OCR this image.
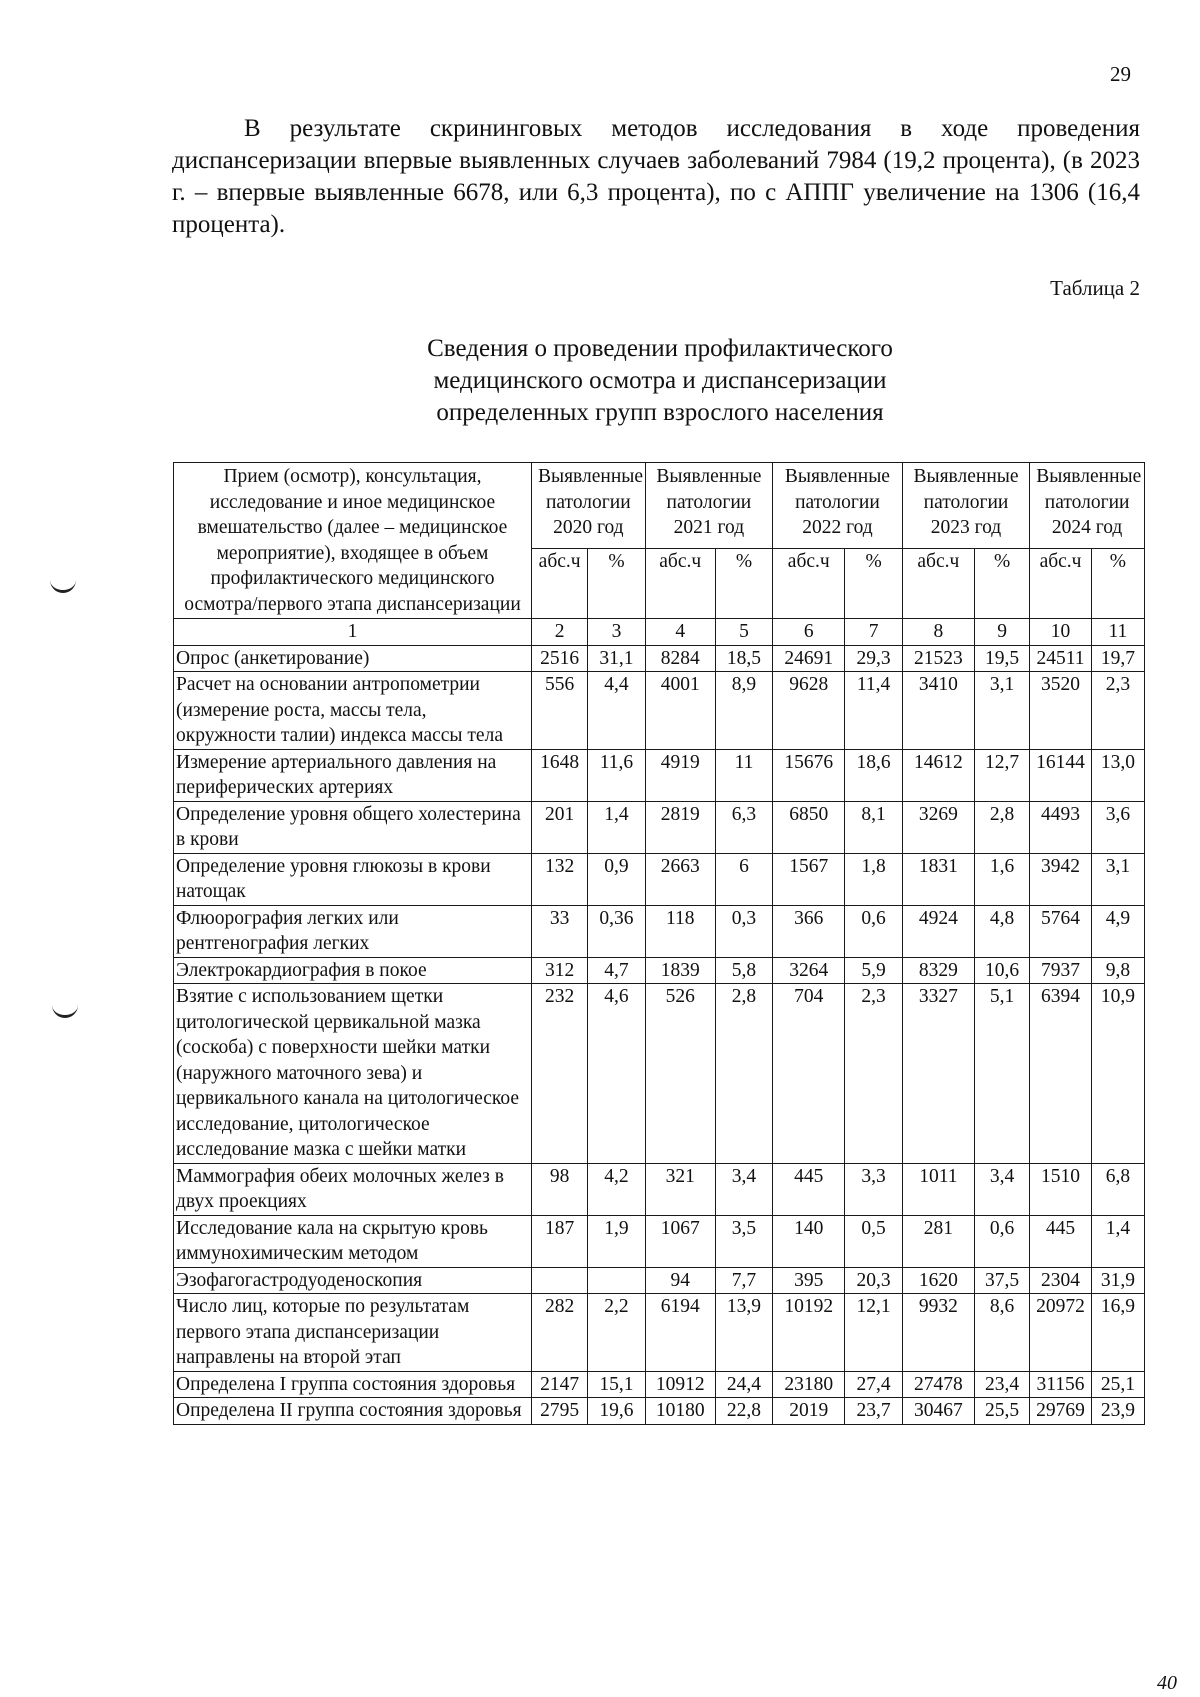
29

В результате скрининговых методов исследования в ходе проведения диспансеризации впервые выявленных случаев заболеваний 7984 (19,2 процента), (в 2023 г. – впервые выявленные 6678, или 6,3 процента), по с АППГ увеличение на 1306 (16,4 процента).

Таблица 2
Сведения о проведении профилактического
медицинского осмотра и диспансеризации
определенных групп взрослого населения
Прием (осмотр), консультация, исследование и иное медицинское вмешательство (далее – медицинское мероприятие), входящее в объем профилактического медицинского осмотра/первого этапа диспансеризации	Выявленные патологии 2020 год		Выявленные патологии 2021 год		Выявленные патологии 2022 год		Выявленные патологии 2023 год		Выявленные патологии 2024 год	
	абс.ч	%	абс.ч	%	абс.ч	%	абс.ч	%	абс.ч	%
1	2	3	4	5	6	7	8	9	10	11
Опрос (анкетирование)	2516	31,1	8284	18,5	24691	29,3	21523	19,5	24511	19,7
Расчет на основании антропометрии (измерение роста, массы тела, окружности талии) индекса массы тела	556	4,4	4001	8,9	9628	11,4	3410	3,1	3520	2,3
Измерение артериального давления на периферических артериях	1648	11,6	4919	11	15676	18,6	14612	12,7	16144	13,0
Определение уровня общего холестерина в крови	201	1,4	2819	6,3	6850	8,1	3269	2,8	4493	3,6
Определение уровня глюкозы в крови натощак	132	0,9	2663	6	1567	1,8	1831	1,6	3942	3,1
Флюорография легких или рентгенография легких	33	0,36	118	0,3	366	0,6	4924	4,8	5764	4,9
Электрокардиография в покое	312	4,7	1839	5,8	3264	5,9	8329	10,6	7937	9,8
Взятие с использованием щетки цитологической цервикальной мазка (соскоба) с поверхности шейки матки (наружного маточного зева) и цервикального канала на цитологическое исследование, цитологическое исследование мазка с шейки матки	232	4,6	526	2,8	704	2,3	3327	5,1	6394	10,9
Маммография обеих молочных желез в двух проекциях	98	4,2	321	3,4	445	3,3	1011	3,4	1510	6,8
Исследование кала на скрытую кровь иммунохимическим методом	187	1,9	1067	3,5	140	0,5	281	0,6	445	1,4
Эзофагогастродуоденоскопия			94	7,7	395	20,3	1620	37,5	2304	31,9
Число лиц, которые по результатам первого этапа диспансеризации направлены на второй этап	282	2,2	6194	13,9	10192	12,1	9932	8,6	20972	16,9
Определена I группа состояния здоровья	2147	15,1	10912	24,4	23180	27,4	27478	23,4	31156	25,1
Определена II группа состояния здоровья	2795	19,6	10180	22,8	2019	23,7	30467	25,5	29769	23,9
40
